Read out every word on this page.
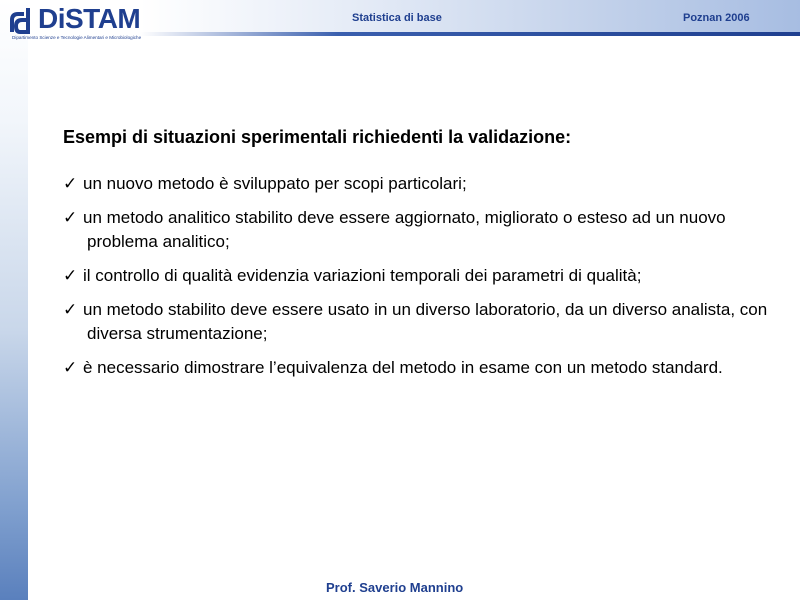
DiSTAM
Dipartimento Scienze e Tecnologie Alimentari e Microbiologiche
Statistica di base	Poznan 2006
Esempi di situazioni sperimentali richiedenti la validazione:
✓ un nuovo metodo è sviluppato per scopi particolari;
✓ un metodo analitico stabilito deve essere aggiornato, migliorato o esteso ad un nuovo problema analitico;
✓ il controllo di qualità evidenzia variazioni temporali dei parametri di qualità;
✓ un metodo stabilito deve essere usato in un diverso laboratorio, da un diverso analista, con diversa strumentazione;
✓ è necessario dimostrare l’equivalenza del metodo in esame con un metodo standard.
Prof. Saverio Mannino
